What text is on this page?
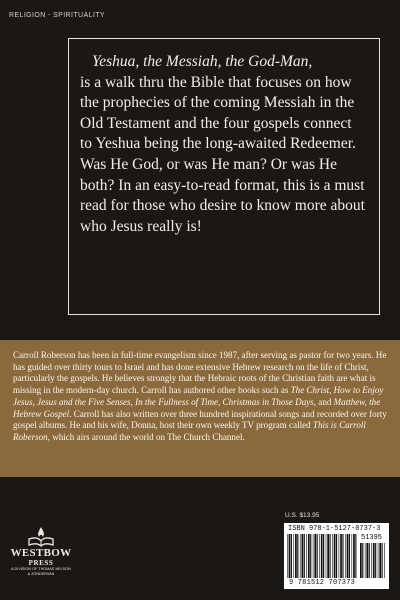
RELIGION - SPIRITUALITY
Yeshua, the Messiah, the God-Man,
is a walk thru the Bible that focuses on how
the prophecies of the coming Messiah in the
Old Testament and the four gospels connect
to Yeshua being the long-awaited Redeemer.
Was He God, or was He man? Or was He
both? In an easy-to-read format, this is a must
read for those who desire to know more about
who Jesus really is!
Carroll Roberson has been in full-time evangelism since 1987, after serving as pastor for two years. He has guided over thirty tours to Israel and has done extensive Hebrew research on the life of Christ, particularly the gospels. He believes strongly that the Hebraic roots of the Christian faith are what is missing in the modern-day church. Carroll has authored other books such as The Christ, How to Enjoy Jesus, Jesus and the Five Senses, In the Fullness of Time, Christmas in Those Days, and Matthew, the Hebrew Gospel. Carroll has also written over three hundred inspirational songs and recorded over forty gospel albums. He and his wife, Donna, host their own weekly TV program called This is Carroll Roberson, which airs around the world on The Church Channel.
WESTBOW
PRESS
A DIVISION OF THOMAS NELSON
& ZONDERVAN
U.S. $13.95
ISBN 978-1-5127-0737-3
51395
9 781512 707373
